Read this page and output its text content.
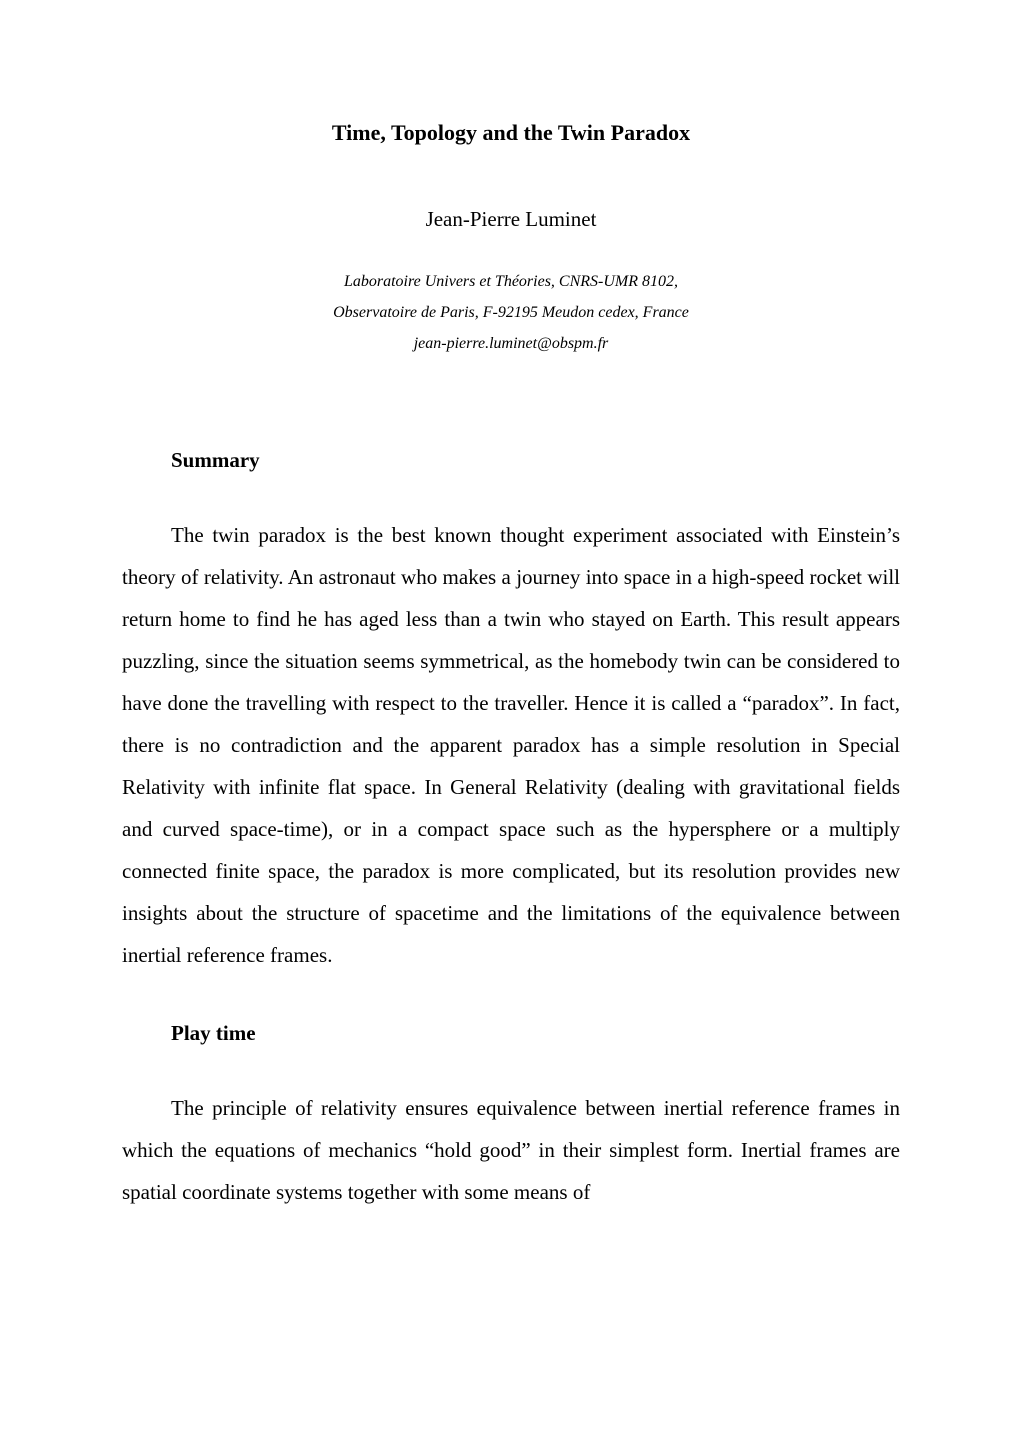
Time, Topology and the Twin Paradox
Jean-Pierre Luminet
Laboratoire Univers et Théories, CNRS-UMR 8102,
Observatoire de Paris, F-92195 Meudon cedex, France
jean-pierre.luminet@obspm.fr
Summary

The twin paradox is the best known thought experiment associated with Einstein’s theory of relativity. An astronaut who makes a journey into space in a high-speed rocket will return home to find he has aged less than a twin who stayed on Earth. This result appears puzzling, since the situation seems symmetrical, as the homebody twin can be considered to have done the travelling with respect to the traveller. Hence it is called a “paradox”. In fact, there is no contradiction and the apparent paradox has a simple resolution in Special Relativity with infinite flat space. In General Relativity (dealing with gravitational fields and curved space-time), or in a compact space such as the hypersphere or a multiply connected finite space, the paradox is more complicated, but its resolution provides new insights about the structure of spacetime and the limitations of the equivalence between inertial reference frames.

Play time

The principle of relativity ensures equivalence between inertial reference frames in which the equations of mechanics “hold good” in their simplest form. Inertial frames are spatial coordinate systems together with some means of
